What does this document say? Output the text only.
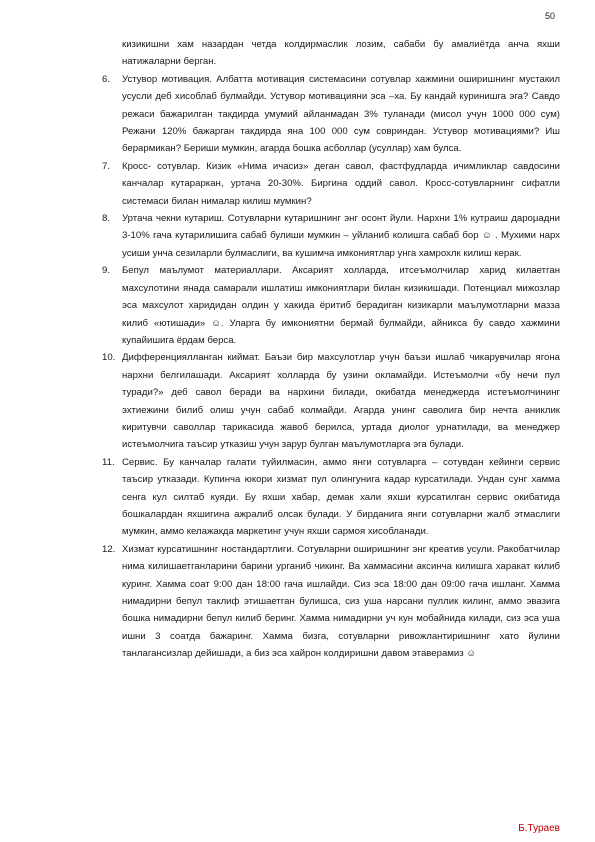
50

кизикишни хам назардан четда колдирмаслик лозим, сабаби бу амалиётда анча яхши натижаларни берган.

6. Устувор мотивация. Албатта мотивация системасини сотувлар хажмини оширишнинг мустакил усусли деб хисоблаб булмайди. Устувор мотивацияни эса –ха. Бу кандай куринишга эга? Савдо режаси бажарилган такдирда умумий айланмадан 3% туланади (мисол учун 1000 000 сум) Режани 120% бажарган такдирда яна 100 000 сум совриндан. Устувор мотивациями? Иш берармикан? Бериши мумкин, агарда бошка асболлар (усуллар) хам булса.
7. Кросс- сотувлар. Кизик «Нима ичасиз» деган савол, фастфудларда ичимликлар савдосини канчалар кутараркан, уртача 20-30%. Биргина оддий савол. Кросс-сотувларнинг сифатли системаси билан нималар килиш мумкин?
8. Уртача чекни кутариш. Сотувларни кутаришнинг энг осонт йули. Нархни 1% кутраиш дарομадни 3-10% гача кутарилишига сабаб булиши мумкин – уйланиб колишга сабаб бор ☺ . Мухими нарх усиши унча сезиларли булмаслиги, ва кушимча имкониятлар унга хамрохлк килиш керак.
9. Бепул маълумот материаллари. Аксарият холларда, итсеъмолчилар харид килаетган махсулотини янада самарали ишлатиш имкониятлари билан кизикишади. Потенциал мижозлар эса махсулот харидидан олдин у хакида ёритиб берадиган кизикарли маълумотларни мазза килиб «ютишади» ☺. Уларга бу имкониятни бермай булмайди, айникса бу савдо хажмини купайишига ёрдам берса.
10. Дифференциялланган киймат. Баъзи бир махсулотлар учун баъзи ишлаб чикарувчилар ягона нархни белгилашади. Аксарият холларда бу узини окламайди. Истеъмолчи «бу нечи пул туради?» деб савол беради ва нархини билади, окибатда менеджерда истеъмолчининг эхтиежини билиб олиш учун сабаб колмайди. Агарда унинг саволига бир нечта аниклик киритувчи саволлар тарикасида жавоб берилса, уртада диолог урнатилади, ва менеджер истеъмолчига таъсир утказиш учун зарур булган маълумотларга эга булади.
11. Сервис. Бу канчалар галати туйилмасин, аммо янги сотувларга – сотувдан кейинги сервис таъсир утказади. Купинча юкори хизмат пул олингунига кадар курсатилади. Ундан сунг хамма сенга кул силтаб куяди. Бу яхши хабар, демак хали яхши курсатилган сервис окибатида бошкалардан яхшигина ажралиб олсак булади. У бирданига янги сотувларни жалб этмаслиги мумкин, аммо келажакда маркетинг учун яхши сармоя хисобланади.
12. Хизмат курсатишнинг ностандартлиги. Сотувларни оширишнинг энг креатив усули. Ракобатчилар нима килишаетганларини барини урганиб чикинг. Ва хаммасини аксинча килишга харакат килиб куринг. Хамма соат 9:00 дан 18:00 гача ишлайди. Сиз эса 18:00 дан 09:00 гача ишланг. Хамма нимадирни бепул таклиф этишаетган булишса, сиз уша нарсани пуллик килинг, аммо эвазига бошка нимадирни бепул килиб беринг. Хамма нимадирни уч кун мобайнида килади, сиз эса уша ишни 3 соатда бажаринг. Хамма бизга, сотувларни ривожлантиришнинг хато йулини танлагансизлар дейишади, а биз эса хайрон колдиришни давом этаверамиз ☺
Б.Тураев
